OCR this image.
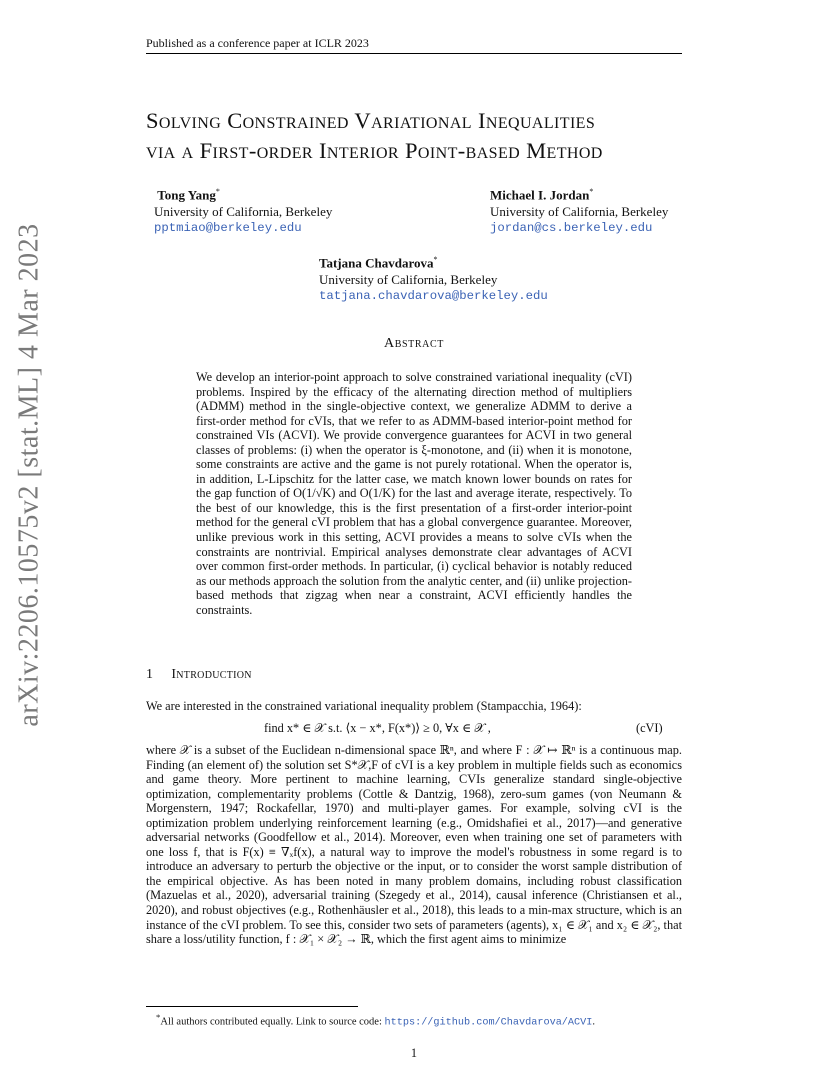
Published as a conference paper at ICLR 2023
arXiv:2206.10575v2 [stat.ML] 4 Mar 2023
Solving Constrained Variational Inequalities
via a First-order Interior Point-based Method
Tong Yang*
University of California, Berkeley
pptmiao@berkeley.edu
Michael I. Jordan*
University of California, Berkeley
jordan@cs.berkeley.edu
Tatjana Chavdarova*
University of California, Berkeley
tatjana.chavdarova@berkeley.edu
Abstract
We develop an interior-point approach to solve constrained variational inequality (cVI) problems. Inspired by the efficacy of the alternating direction method of multipliers (ADMM) method in the single-objective context, we generalize ADMM to derive a first-order method for cVIs, that we refer to as ADMM-based interior-point method for constrained VIs (ACVI). We provide convergence guarantees for ACVI in two general classes of problems: (i) when the operator is ξ-monotone, and (ii) when it is monotone, some constraints are active and the game is not purely rotational. When the operator is, in addition, L-Lipschitz for the latter case, we match known lower bounds on rates for the gap function of O(1/√K) and O(1/K) for the last and average iterate, respectively. To the best of our knowledge, this is the first presentation of a first-order interior-point method for the general cVI problem that has a global convergence guarantee. Moreover, unlike previous work in this setting, ACVI provides a means to solve cVIs when the constraints are nontrivial. Empirical analyses demonstrate clear advantages of ACVI over common first-order methods. In particular, (i) cyclical behavior is notably reduced as our methods approach the solution from the analytic center, and (ii) unlike projection-based methods that zigzag when near a constraint, ACVI efficiently handles the constraints.
1 Introduction
We are interested in the constrained variational inequality problem (Stampacchia, 1964):
find x* ∈ 𝒳 s.t. ⟨x − x*, F(x*)⟩ ≥ 0, ∀x ∈ 𝒳 ,	(cVI)
where 𝒳 is a subset of the Euclidean n-dimensional space ℝⁿ, and where F : 𝒳 ↦ ℝⁿ is a continuous map. Finding (an element of) the solution set S*𝒳,F of cVI is a key problem in multiple fields such as economics and game theory. More pertinent to machine learning, CVIs generalize standard single-objective optimization, complementarity problems (Cottle & Dantzig, 1968), zero-sum games (von Neumann & Morgenstern, 1947; Rockafellar, 1970) and multi-player games. For example, solving cVI is the optimization problem underlying reinforcement learning (e.g., Omidshafiei et al., 2017)—and generative adversarial networks (Goodfellow et al., 2014). Moreover, even when training one set of parameters with one loss f, that is F(x) ≡ ∇ₓf(x), a natural way to improve the model's robustness in some regard is to introduce an adversary to perturb the objective or the input, or to consider the worst sample distribution of the empirical objective. As has been noted in many problem domains, including robust classification (Mazuelas et al., 2020), adversarial training (Szegedy et al., 2014), causal inference (Christiansen et al., 2020), and robust objectives (e.g., Rothenhäusler et al., 2018), this leads to a min-max structure, which is an instance of the cVI problem. To see this, consider two sets of parameters (agents), x₁ ∈ 𝒳₁ and x₂ ∈ 𝒳₂, that share a loss/utility function, f : 𝒳₁ × 𝒳₂ → ℝ, which the first agent aims to minimize
*All authors contributed equally. Link to source code: https://github.com/Chavdarova/ACVI.
1
